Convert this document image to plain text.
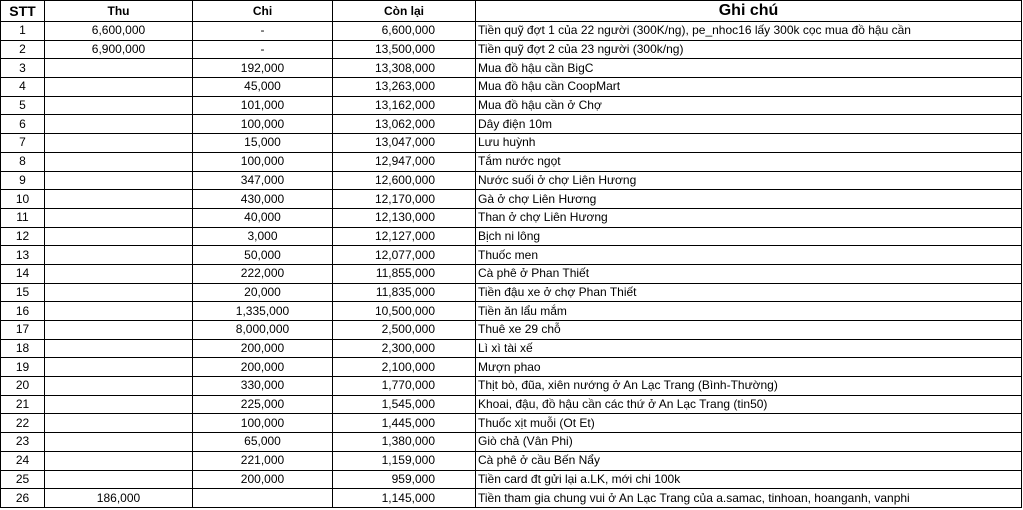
STT	Thu	Chi	Còn lại	Ghi chú
1	6,600,000	-	6,600,000	Tiền quỹ đợt 1 của 22 người (300K/ng), pe_nhoc16 lấy 300k cọc mua đồ hậu cần
2	6,900,000	-	13,500,000	Tiền quỹ đợt 2 của 23 người (300k/ng)
3		192,000	13,308,000	Mua đồ hậu cần BigC
4		45,000	13,263,000	Mua đồ hậu cần CoopMart
5		101,000	13,162,000	Mua đồ hậu cần ở Chợ
6		100,000	13,062,000	Dây điện 10m
7		15,000	13,047,000	Lưu huỳnh
8		100,000	12,947,000	Tắm nước ngọt
9		347,000	12,600,000	Nước suối ở chợ Liên Hương
10		430,000	12,170,000	Gà ở chợ Liên Hương
11		40,000	12,130,000	Than ở chợ Liên Hương
12		3,000	12,127,000	Bịch ni lông
13		50,000	12,077,000	Thuốc men
14		222,000	11,855,000	Cà phê ở Phan Thiết
15		20,000	11,835,000	Tiền đậu xe ở chợ Phan Thiết
16		1,335,000	10,500,000	Tiền ăn lẩu mắm
17		8,000,000	2,500,000	Thuê xe 29 chỗ
18		200,000	2,300,000	Lì xì tài xế
19		200,000	2,100,000	Mượn phao
20		330,000	1,770,000	Thịt bò, đũa, xiên nướng ở An Lạc Trang (Bình-Thường)
21		225,000	1,545,000	Khoai, đậu, đồ hậu cần các thứ ở An Lạc Trang (tin50)
22		100,000	1,445,000	Thuốc xịt muỗi (Ot Et)
23		65,000	1,380,000	Giò chả (Vân Phi)
24		221,000	1,159,000	Cà phê ở cầu Bến Nẩy
25		200,000	959,000	Tiền card đt gửi lại a.LK, mới chi 100k
26	186,000		1,145,000	Tiền tham gia chung vui ở An Lạc Trang của a.samac, tinhoan, hoanganh, vanphi
